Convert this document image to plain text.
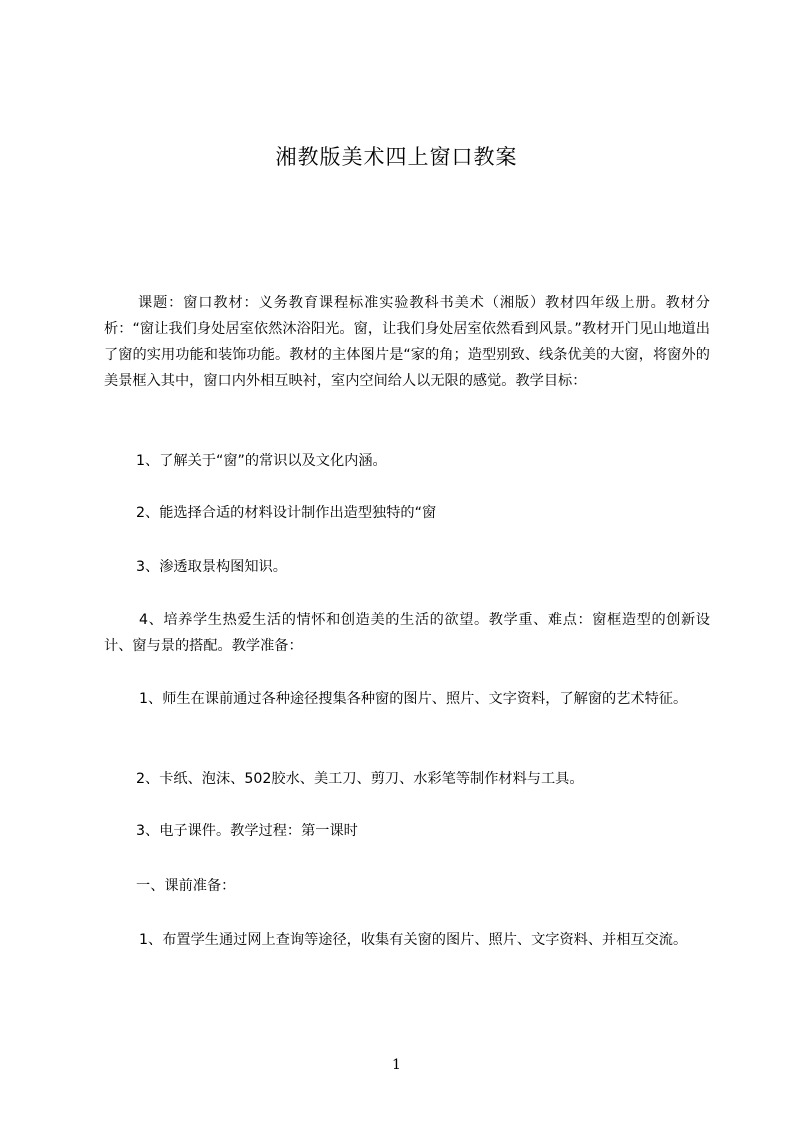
湘教版美术四上窗口教案
课题：窗口教材：义务教育课程标准实验教科书美术（湘版）教材四年级上册。教材分析：“窗让我们身处居室依然沐浴阳光。窗，让我们身处居室依然看到风景。”教材开门见山地道出了窗的实用功能和装饰功能。教材的主体图片是“家的角；造型别致、线条优美的大窗，将窗外的美景框入其中，窗口内外相互映衬，室内空间给人以无限的感觉。教学目标：
1、了解关于“窗”的常识以及文化内涵。
2、能选择合适的材料设计制作出造型独特的“窗
3、渗透取景构图知识。
4、培养学生热爱生活的情怀和创造美的生活的欲望。教学重、难点：窗框造型的创新设计、窗与景的搭配。教学准备：
1、师生在课前通过各种途径搜集各种窗的图片、照片、文字资料，了解窗的艺术特征。
2、卡纸、泡沫、502胶水、美工刀、剪刀、水彩笔等制作材料与工具。
3、电子课件。教学过程：第一课时
一、课前准备：
1、布置学生通过网上查询等途径，收集有关窗的图片、照片、文字资料、并相互交流。
1
